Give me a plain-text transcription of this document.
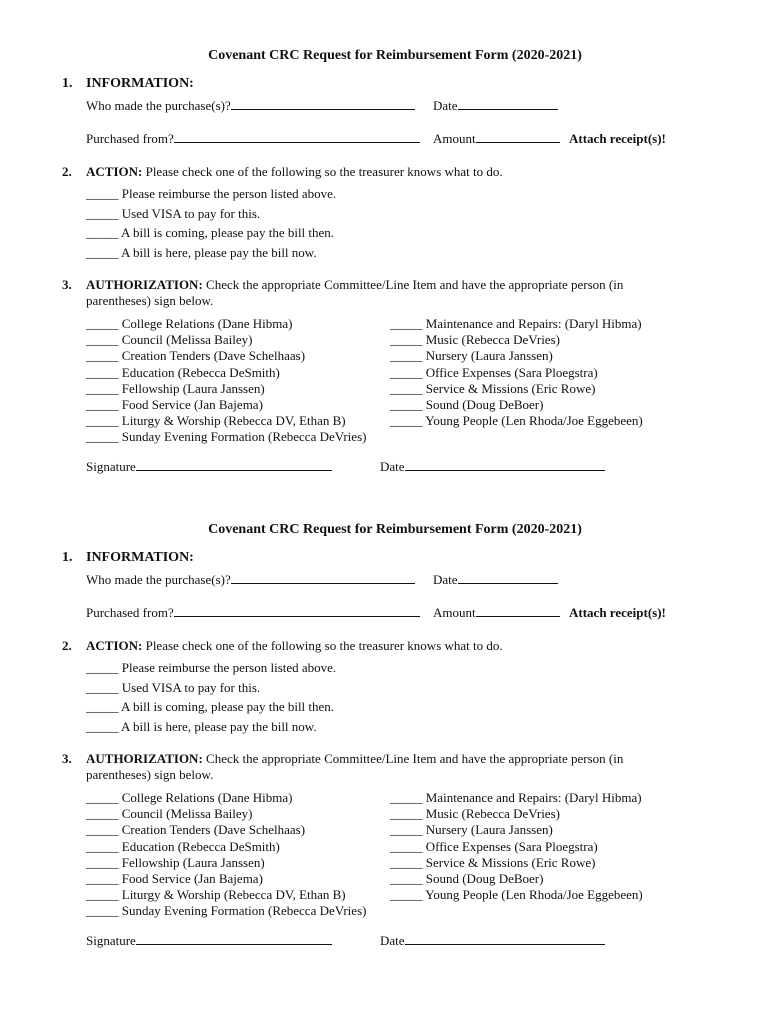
Covenant CRC Request for Reimbursement Form (2020-2021)
1. INFORMATION:
Who made the purchase(s)?	Date
Purchased from?	Amount	Attach receipt(s)!
2. ACTION: Please check one of the following so the treasurer knows what to do.
_____ Please reimburse the person listed above.
_____ Used VISA to pay for this.
_____ A bill is coming, please pay the bill then.
_____ A bill is here, please pay the bill now.
3. AUTHORIZATION: Check the appropriate Committee/Line Item and have the appropriate person (in
parentheses) sign below.
_____ College Relations (Dane Hibma)
_____ Council (Melissa Bailey)
_____ Creation Tenders (Dave Schelhaas)
_____ Education (Rebecca DeSmith)
_____ Fellowship (Laura Janssen)
_____ Food Service (Jan Bajema)
_____ Liturgy & Worship (Rebecca DV, Ethan B)
_____ Sunday Evening Formation (Rebecca DeVries)
_____ Maintenance and Repairs: (Daryl Hibma)
_____ Music (Rebecca DeVries)
_____ Nursery (Laura Janssen)
_____ Office Expenses (Sara Ploegstra)
_____ Service & Missions (Eric Rowe)
_____ Sound (Doug DeBoer)
_____ Young People (Len Rhoda/Joe Eggebeen)
Signature	Date
Covenant CRC Request for Reimbursement Form (2020-2021)
1. INFORMATION:
Who made the purchase(s)?	Date
Purchased from?	Amount	Attach receipt(s)!
2. ACTION: Please check one of the following so the treasurer knows what to do.
_____ Please reimburse the person listed above.
_____ Used VISA to pay for this.
_____ A bill is coming, please pay the bill then.
_____ A bill is here, please pay the bill now.
3. AUTHORIZATION: Check the appropriate Committee/Line Item and have the appropriate person (in
parentheses) sign below.
_____ College Relations (Dane Hibma)
_____ Council (Melissa Bailey)
_____ Creation Tenders (Dave Schelhaas)
_____ Education (Rebecca DeSmith)
_____ Fellowship (Laura Janssen)
_____ Food Service (Jan Bajema)
_____ Liturgy & Worship (Rebecca DV, Ethan B)
_____ Sunday Evening Formation (Rebecca DeVries)
_____ Maintenance and Repairs: (Daryl Hibma)
_____ Music (Rebecca DeVries)
_____ Nursery (Laura Janssen)
_____ Office Expenses (Sara Ploegstra)
_____ Service & Missions (Eric Rowe)
_____ Sound (Doug DeBoer)
_____ Young People (Len Rhoda/Joe Eggebeen)
Signature	Date
